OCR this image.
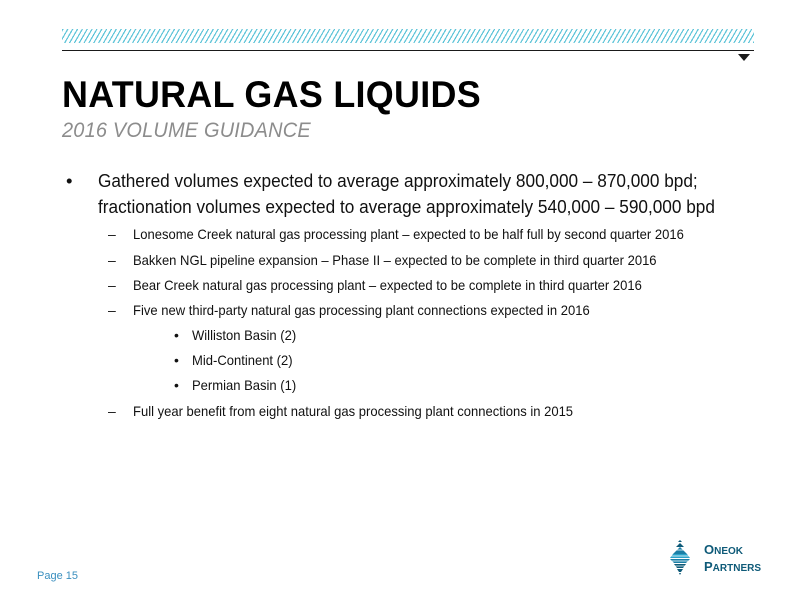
NATURAL GAS LIQUIDS
2016 VOLUME GUIDANCE
• Gathered volumes expected to average approximately 800,000 – 870,000 bpd; fractionation volumes expected to average approximately 540,000 – 590,000 bpd
– Lonesome Creek natural gas processing plant – expected to be half full by second quarter 2016
– Bakken NGL pipeline expansion – Phase II – expected to be complete in third quarter 2016
– Bear Creek natural gas processing plant – expected to be complete in third quarter 2016
– Five new third-party natural gas processing plant connections expected in 2016
• Williston Basin (2)
• Mid-Continent (2)
• Permian Basin (1)
– Full year benefit from eight natural gas processing plant connections in 2015
Page 15
ONEOK
PARTNERS
